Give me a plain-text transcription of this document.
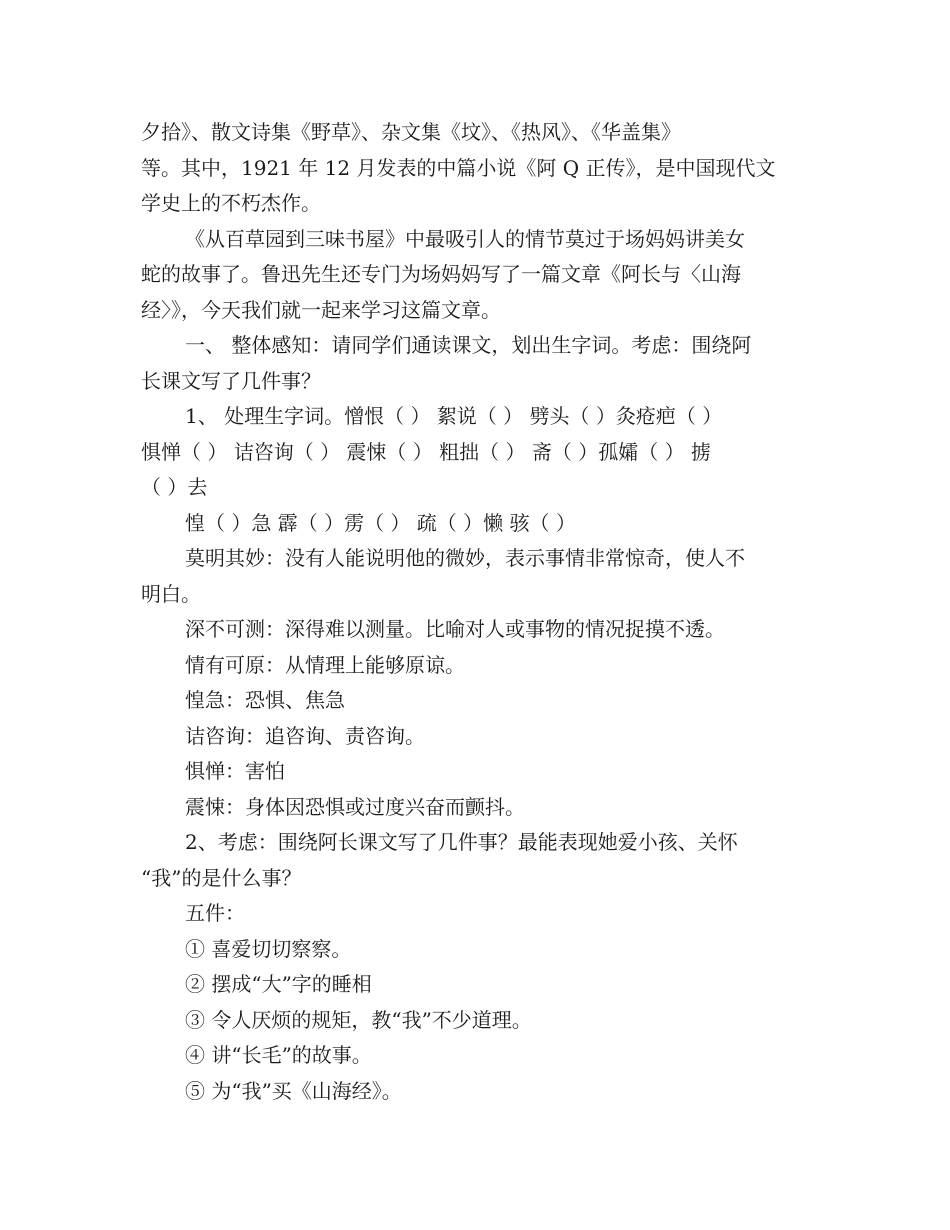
夕拾》、散文诗集《野草》、杂文集《坟》、《热风》、《华盖集》

等。其中，1921 年 12 月发表的中篇小说《阿 Q 正传》，是中国现代文

学史上的不朽杰作。

《从百草园到三味书屋》中最吸引人的情节莫过于场妈妈讲美女

蛇的故事了。鲁迅先生还专门为场妈妈写了一篇文章《阿长与〈山海

经〉》，今天我们就一起来学习这篇文章。

一、 整体感知：请同学们通读课文，划出生字词。考虑：围绕阿

长课文写了几件事？

1、 处理生字词。憎恨（ ） 絮说（ ） 劈头（ ）灸疮疤（ ）

惧惮（ ） 诘咨询（ ） 震悚（ ） 粗拙（ ） 斋（ ）孤孀（ ） 掳

（ ）去

惶（ ）急 霹（ ）雳（ ） 疏（ ）懒 骇（ ）

莫明其妙：没有人能说明他的微妙，表示事情非常惊奇，使人不

明白。

深不可测：深得难以测量。比喻对人或事物的情况捉摸不透。

情有可原：从情理上能够原谅。

惶急：恐惧、焦急

诘咨询：追咨询、责咨询。

惧惮：害怕

震悚：身体因恐惧或过度兴奋而颤抖。

2、考虑：围绕阿长课文写了几件事？最能表现她爱小孩、关怀

“我”的是什么事？

五件：

① 喜爱切切察察。

② 摆成“大”字的睡相

③ 令人厌烦的规矩，教“我”不少道理。

④ 讲“长毛”的故事。

⑤ 为“我”买《山海经》。
